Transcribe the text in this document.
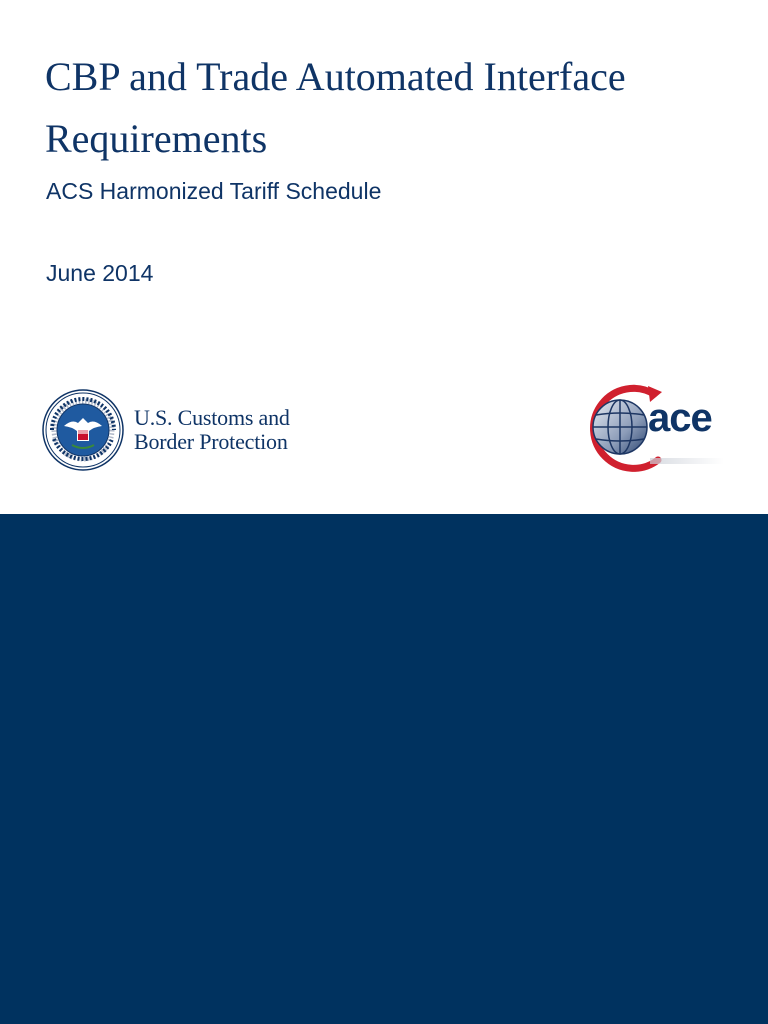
CBP and Trade Automated Interface Requirements

ACS Harmonized Tariff Schedule

June 2014

U.S. Customs and
Border Protection
ace
